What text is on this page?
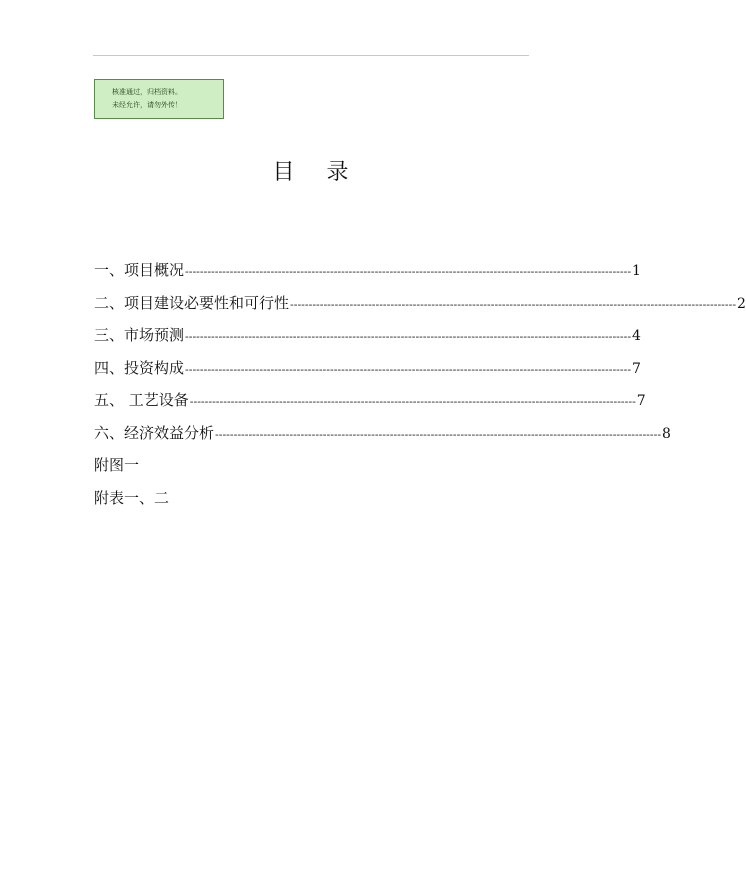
核准通过，归档资料。
未经允许，请勿外传！
目录
一、项目概况 ------------------------------------------------------------------------------------------------------------------------ 1
二、项目建设必要性和可行性 ------------------------------------------------------------------------------------------------------------------------ 2
三、市场预测 ------------------------------------------------------------------------------------------------------------------------ 4
四、投资构成 ------------------------------------------------------------------------------------------------------------------------ 7
五、 工艺设备 ------------------------------------------------------------------------------------------------------------------------ 7
六、经济效益分析 ------------------------------------------------------------------------------------------------------------------------ 8
附图一
附表一、二
